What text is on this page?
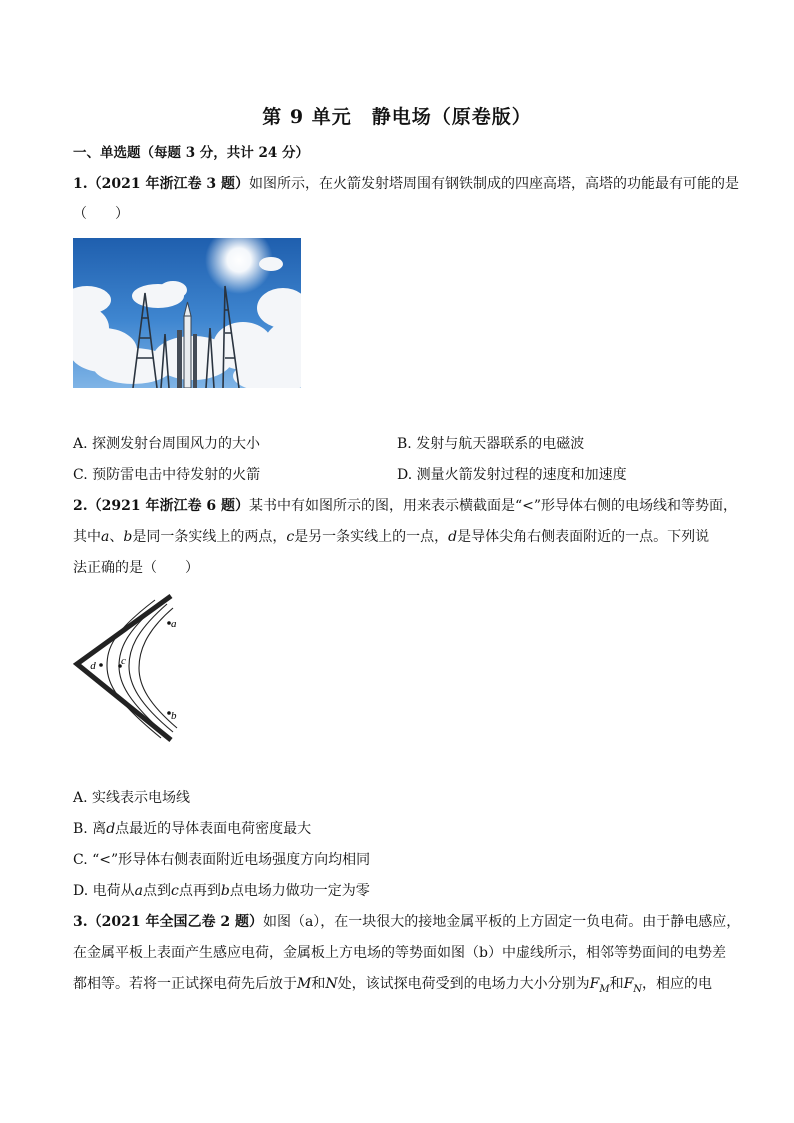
第 9 单元　静电场（原卷版）
一、单选题（每题 3 分，共计 24 分）
1.（2021 年浙江卷 3 题）如图所示，在火箭发射塔周围有钢铁制成的四座高塔，高塔的功能最有可能的是
（　　）
A. 探测发射台周围风力的大小	B. 发射与航天器联系的电磁波
C. 预防雷电击中待发射的火箭	D. 测量火箭发射过程的速度和加速度
2.（2921 年浙江卷 6 题）某书中有如图所示的图，用来表示横截面是“<”形导体右侧的电场线和等势面，
其中a、b是同一条实线上的两点，c是另一条实线上的一点，d是导体尖角右侧表面附近的一点。下列说
法正确的是（　　）
a
b
c
d
A. 实线表示电场线
B. 离d点最近的导体表面电荷密度最大
C. “<”形导体右侧表面附近电场强度方向均相同
D. 电荷从a点到c点再到b点电场力做功一定为零
3.（2021 年全国乙卷 2 题）如图（a），在一块很大的接地金属平板的上方固定一负电荷。由于静电感应，
在金属平板上表面产生感应电荷，金属板上方电场的等势面如图（b）中虚线所示，相邻等势面间的电势差
都相等。若将一正试探电荷先后放于M和N处，该试探电荷受到的电场力大小分别为$F_M$和$F_N$，相应的电
